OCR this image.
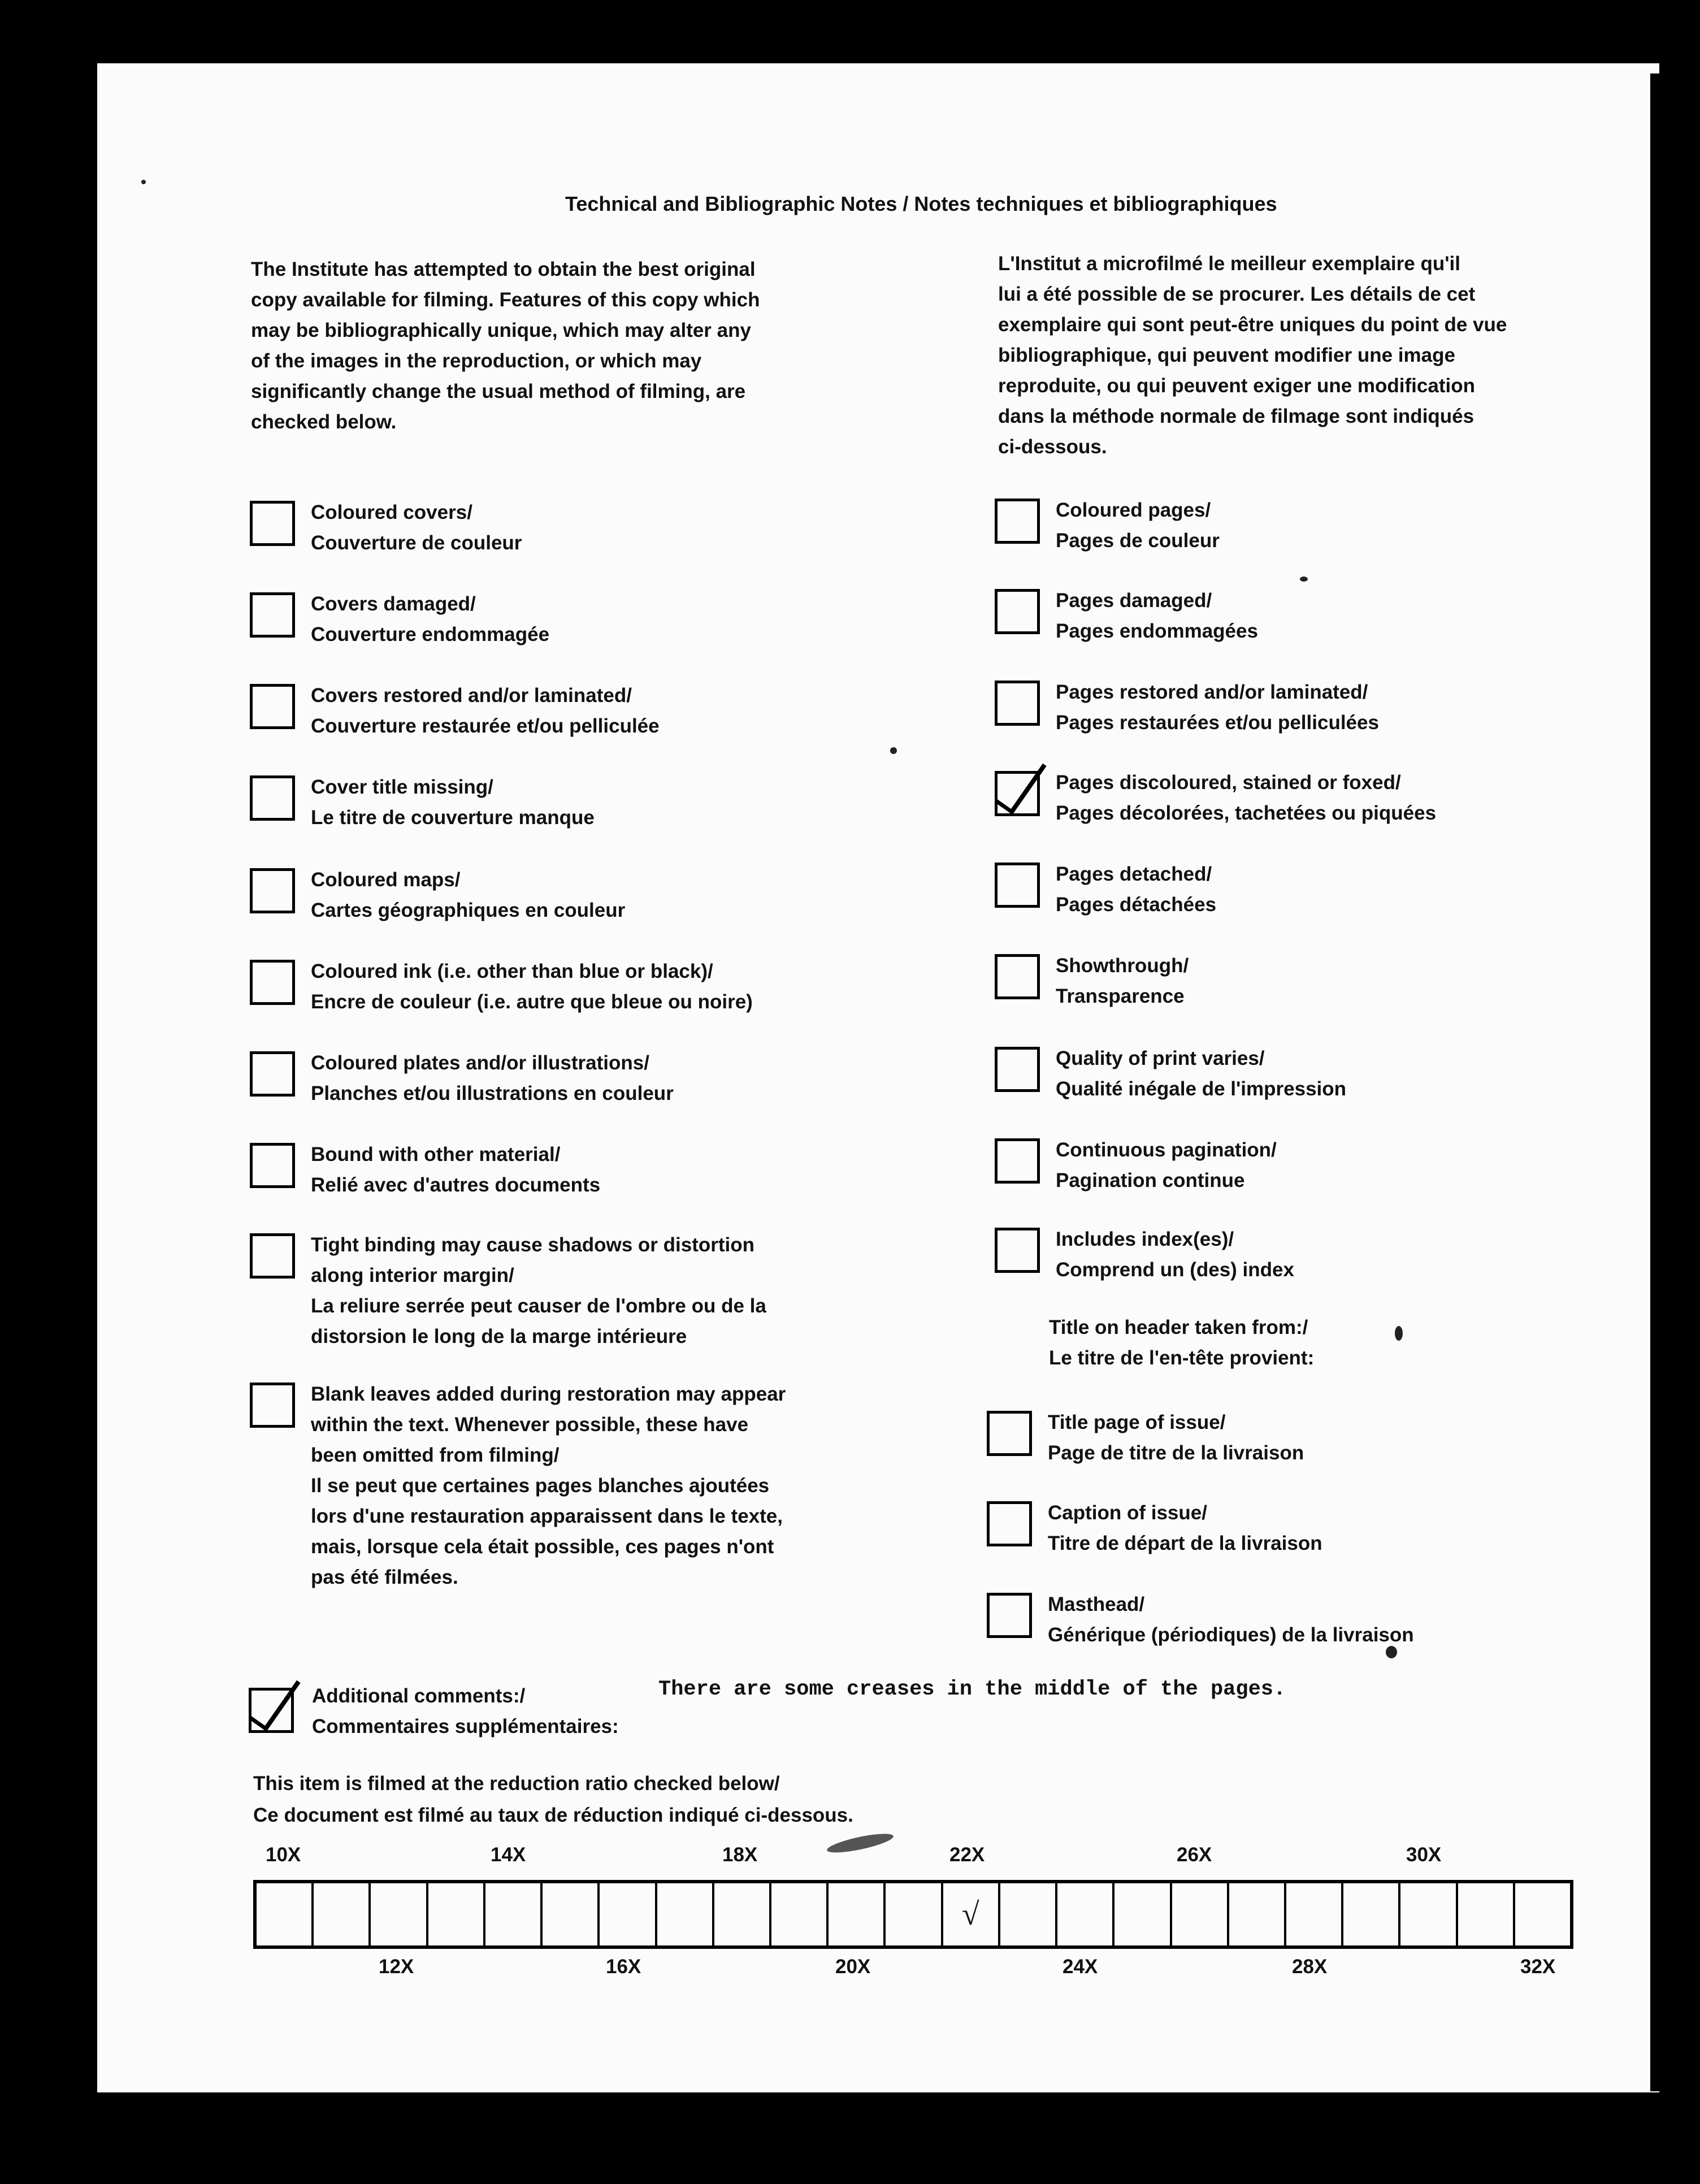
Technical and Bibliographic Notes / Notes techniques et bibliographiques
The Institute has attempted to obtain the best original
copy available for filming. Features of this copy which
may be bibliographically unique, which may alter any
of the images in the reproduction, or which may
significantly change the usual method of filming, are
checked below.
L'Institut a microfilmé le meilleur exemplaire qu'il
lui a été possible de se procurer. Les détails de cet
exemplaire qui sont peut-être uniques du point de vue
bibliographique, qui peuvent modifier une image
reproduite, ou qui peuvent exiger une modification
dans la méthode normale de filmage sont indiqués
ci-dessous.
Coloured covers/
Couverture de couleur
Covers damaged/
Couverture endommagée
Covers restored and/or laminated/
Couverture restaurée et/ou pelliculée
Cover title missing/
Le titre de couverture manque
Coloured maps/
Cartes géographiques en couleur
Coloured ink (i.e. other than blue or black)/
Encre de couleur (i.e. autre que bleue ou noire)
Coloured plates and/or illustrations/
Planches et/ou illustrations en couleur
Bound with other material/
Relié avec d'autres documents
Tight binding may cause shadows or distortion
along interior margin/
La reliure serrée peut causer de l'ombre ou de la
distorsion le long de la marge intérieure
Blank leaves added during restoration may appear
within the text. Whenever possible, these have
been omitted from filming/
Il se peut que certaines pages blanches ajoutées
lors d'une restauration apparaissent dans le texte,
mais, lorsque cela était possible, ces pages n'ont
pas été filmées.
Coloured pages/
Pages de couleur
Pages damaged/
Pages endommagées
Pages restored and/or laminated/
Pages restaurées et/ou pelliculées
Pages discoloured, stained or foxed/
Pages décolorées, tachetées ou piquées
Pages detached/
Pages détachées
Showthrough/
Transparence
Quality of print varies/
Qualité inégale de l'impression
Continuous pagination/
Pagination continue
Includes index(es)/
Comprend un (des) index
Title on header taken from:/
Le titre de l'en-tête provient:
Title page of issue/
Page de titre de la livraison
Caption of issue/
Titre de départ de la livraison
Masthead/
Générique (périodiques) de la livraison
Additional comments:/
Commentaires supplémentaires:
There are some creases in the middle of the pages.
This item is filmed at the reduction ratio checked below/
Ce document est filmé au taux de réduction indiqué ci-dessous.
10X	14X	18X	22X	26X	30X
√
12X	16X	20X	24X	28X	32X
